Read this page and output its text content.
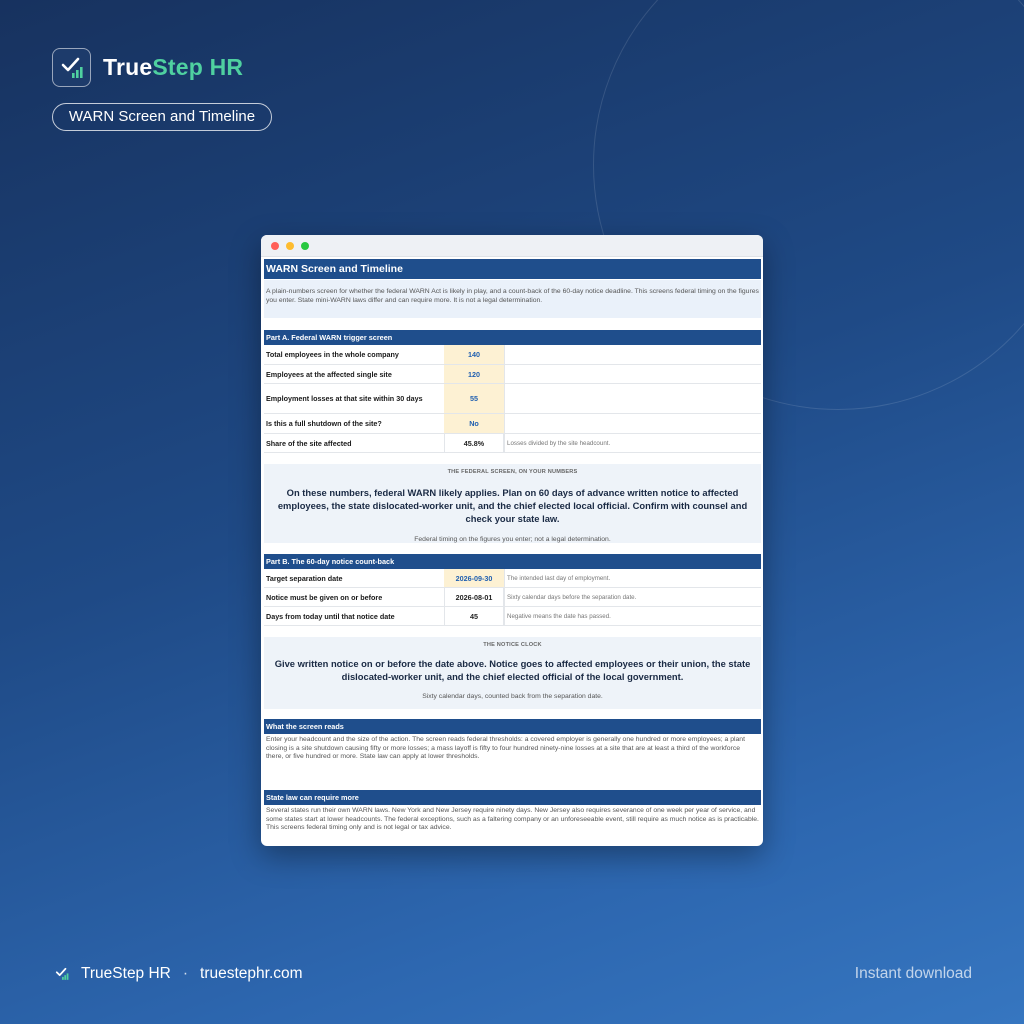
TrueStep HR
WARN Screen and Timeline
WARN Screen and Timeline
A plain-numbers screen for whether the federal WARN Act is likely in play, and a count-back of the 60-day notice deadline. This screens federal timing on the figures you enter. State mini-WARN laws differ and can require more. It is not a legal determination.
Part A. Federal WARN trigger screen
Total employees in the whole company	140
Employees at the affected single site	120
Employment losses at that site within 30 days	55
Is this a full shutdown of the site?	No
Share of the site affected	45.8%	Losses divided by the site headcount.
THE FEDERAL SCREEN, ON YOUR NUMBERS
On these numbers, federal WARN likely applies. Plan on 60 days of advance written notice to affected employees, the state dislocated-worker unit, and the chief elected local official. Confirm with counsel and check your state law.
Federal timing on the figures you enter; not a legal determination.
Part B. The 60-day notice count-back
Target separation date	2026-09-30	The intended last day of employment.
Notice must be given on or before	2026-08-01	Sixty calendar days before the separation date.
Days from today until that notice date	45	Negative means the date has passed.
THE NOTICE CLOCK
Give written notice on or before the date above. Notice goes to affected employees or their union, the state dislocated-worker unit, and the chief elected official of the local government.
Sixty calendar days, counted back from the separation date.
What the screen reads
Enter your headcount and the size of the action. The screen reads federal thresholds: a covered employer is generally one hundred or more employees; a plant closing is a site shutdown causing fifty or more losses; a mass layoff is fifty to four hundred ninety-nine losses at a site that are at least a third of the workforce there, or five hundred or more. State law can apply at lower thresholds.
State law can require more
Several states run their own WARN laws. New York and New Jersey require ninety days. New Jersey also requires severance of one week per year of service, and some states start at lower headcounts. The federal exceptions, such as a faltering company or an unforeseeable event, still require as much notice as is practicable. This screens federal timing only and is not legal or tax advice.
TrueStep HR · truestephr.com	Instant download
